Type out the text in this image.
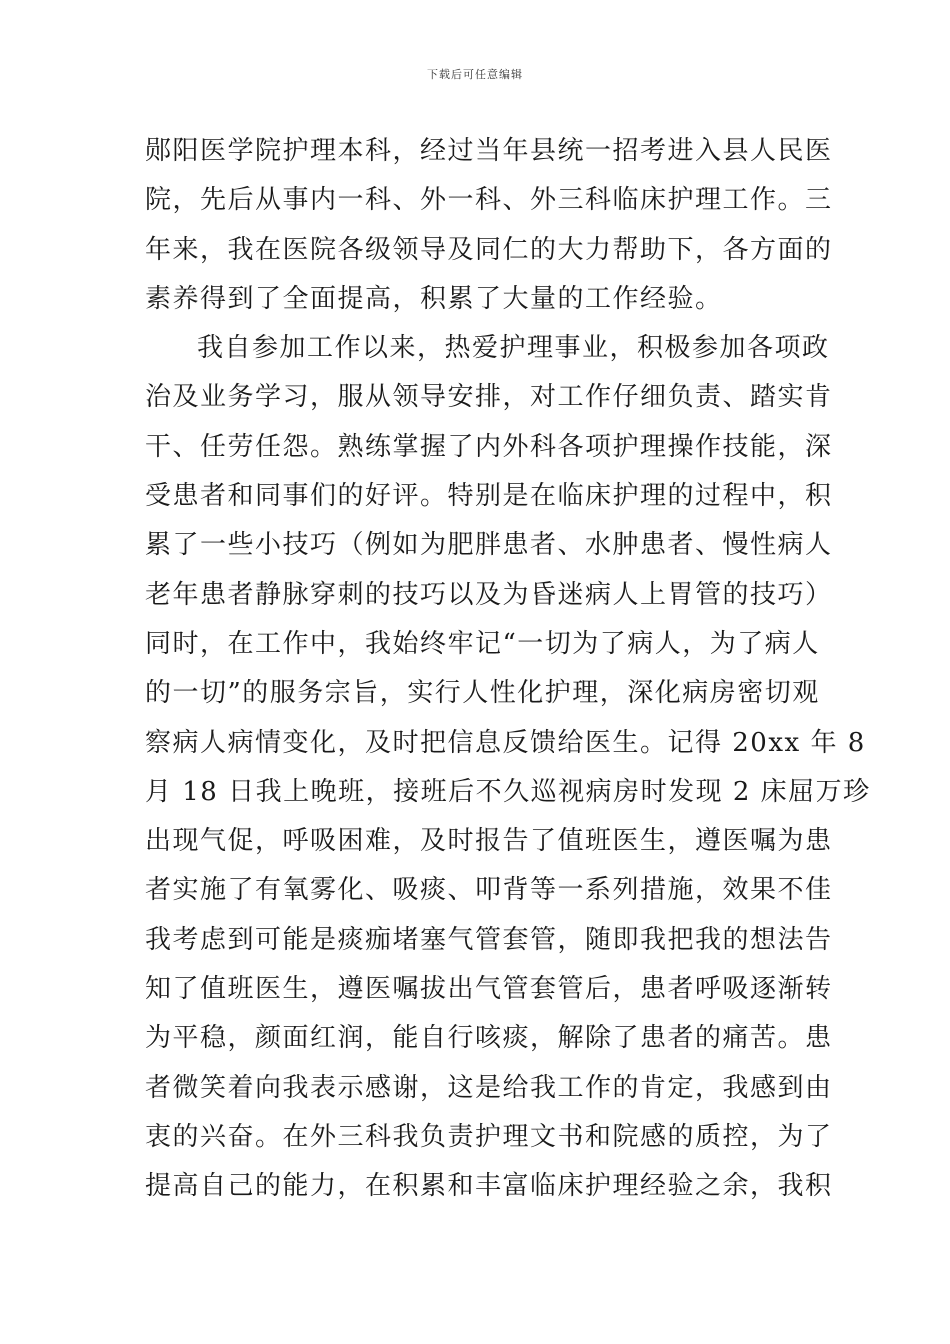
下载后可任意编辑
郧阳医学院护理本科，经过当年县统一招考进入县人民医
院，先后从事内一科、外一科、外三科临床护理工作。三
年来，我在医院各级领导及同仁的大力帮助下，各方面的
素养得到了全面提高，积累了大量的工作经验。
我自参加工作以来，热爱护理事业，积极参加各项政
治及业务学习，服从领导安排，对工作仔细负责、踏实肯
干、任劳任怨。熟练掌握了内外科各项护理操作技能，深
受患者和同事们的好评。特别是在临床护理的过程中，积
累了一些小技巧（例如为肥胖患者、水肿患者、慢性病人
老年患者静脉穿刺的技巧以及为昏迷病人上胃管的技巧）
同时，在工作中，我始终牢记“一切为了病人，为了病人
的一切”的服务宗旨，实行人性化护理，深化病房密切观
察病人病情变化，及时把信息反馈给医生。记得 20xx 年 8
月 18 日我上晚班，接班后不久巡视病房时发现 2 床屈万珍
出现气促，呼吸困难，及时报告了值班医生，遵医嘱为患
者实施了有氧雾化、吸痰、叩背等一系列措施，效果不佳
我考虑到可能是痰痂堵塞气管套管，随即我把我的想法告
知了值班医生，遵医嘱拔出气管套管后，患者呼吸逐渐转
为平稳，颜面红润，能自行咳痰，解除了患者的痛苦。患
者微笑着向我表示感谢，这是给我工作的肯定，我感到由
衷的兴奋。在外三科我负责护理文书和院感的质控，为了
提高自己的能力，在积累和丰富临床护理经验之余，我积
